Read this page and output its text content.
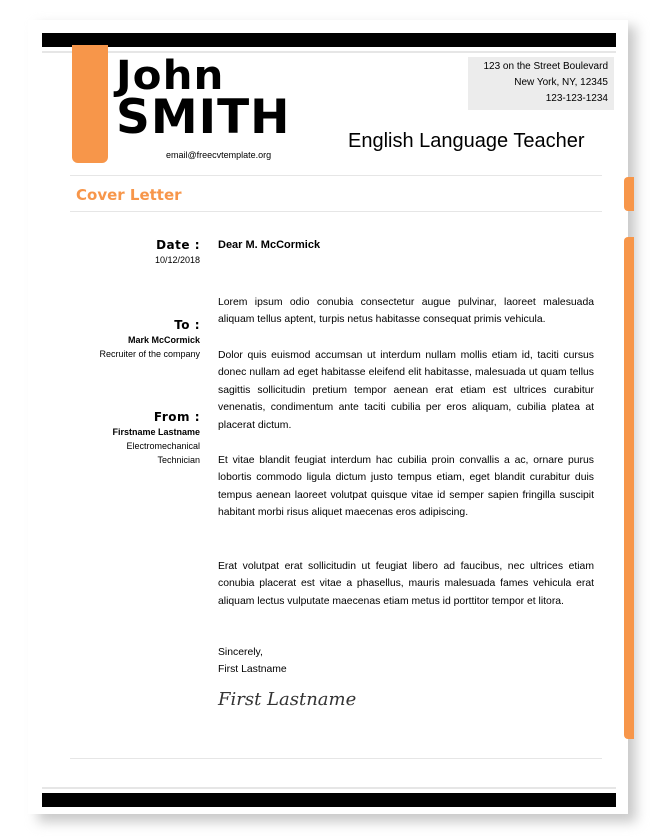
John

SMITH

email@freecvtemplate.org
123 on the Street Boulevard
New York, NY, 12345
123-123-1234
English Language Teacher
Cover Letter
Date :
10/12/2018
To :
Mark McCormick
Recruiter of the company
From :
Firstname Lastname
Electromechanical
Technician
Dear M. McCormick

Lorem ipsum odio conubia consectetur augue pulvinar, laoreet malesuada aliquam tellus aptent, turpis netus habitasse consequat primis vehicula.

Dolor quis euismod accumsan ut interdum nullam mollis etiam id, taciti cursus donec nullam ad eget habitasse eleifend elit habitasse, malesuada ut quam tellus sagittis sollicitudin pretium tempor aenean erat etiam est ultrices curabitur venenatis, condimentum ante taciti cubilia per eros aliquam, cubilia platea at placerat dictum.

Et vitae blandit feugiat interdum hac cubilia proin convallis a ac, ornare purus lobortis commodo ligula dictum justo tempus etiam, eget blandit curabitur duis tempus aenean laoreet volutpat quisque vitae id semper sapien fringilla suscipit habitant morbi risus aliquet maecenas eros adipiscing.

Erat volutpat erat sollicitudin ut feugiat libero ad faucibus, nec ultrices etiam conubia placerat est vitae a phasellus, mauris malesuada fames vehicula erat aliquam lectus vulputate maecenas etiam metus id porttitor tempor et litora.

Sincerely,
First Lastname
First Lastname
